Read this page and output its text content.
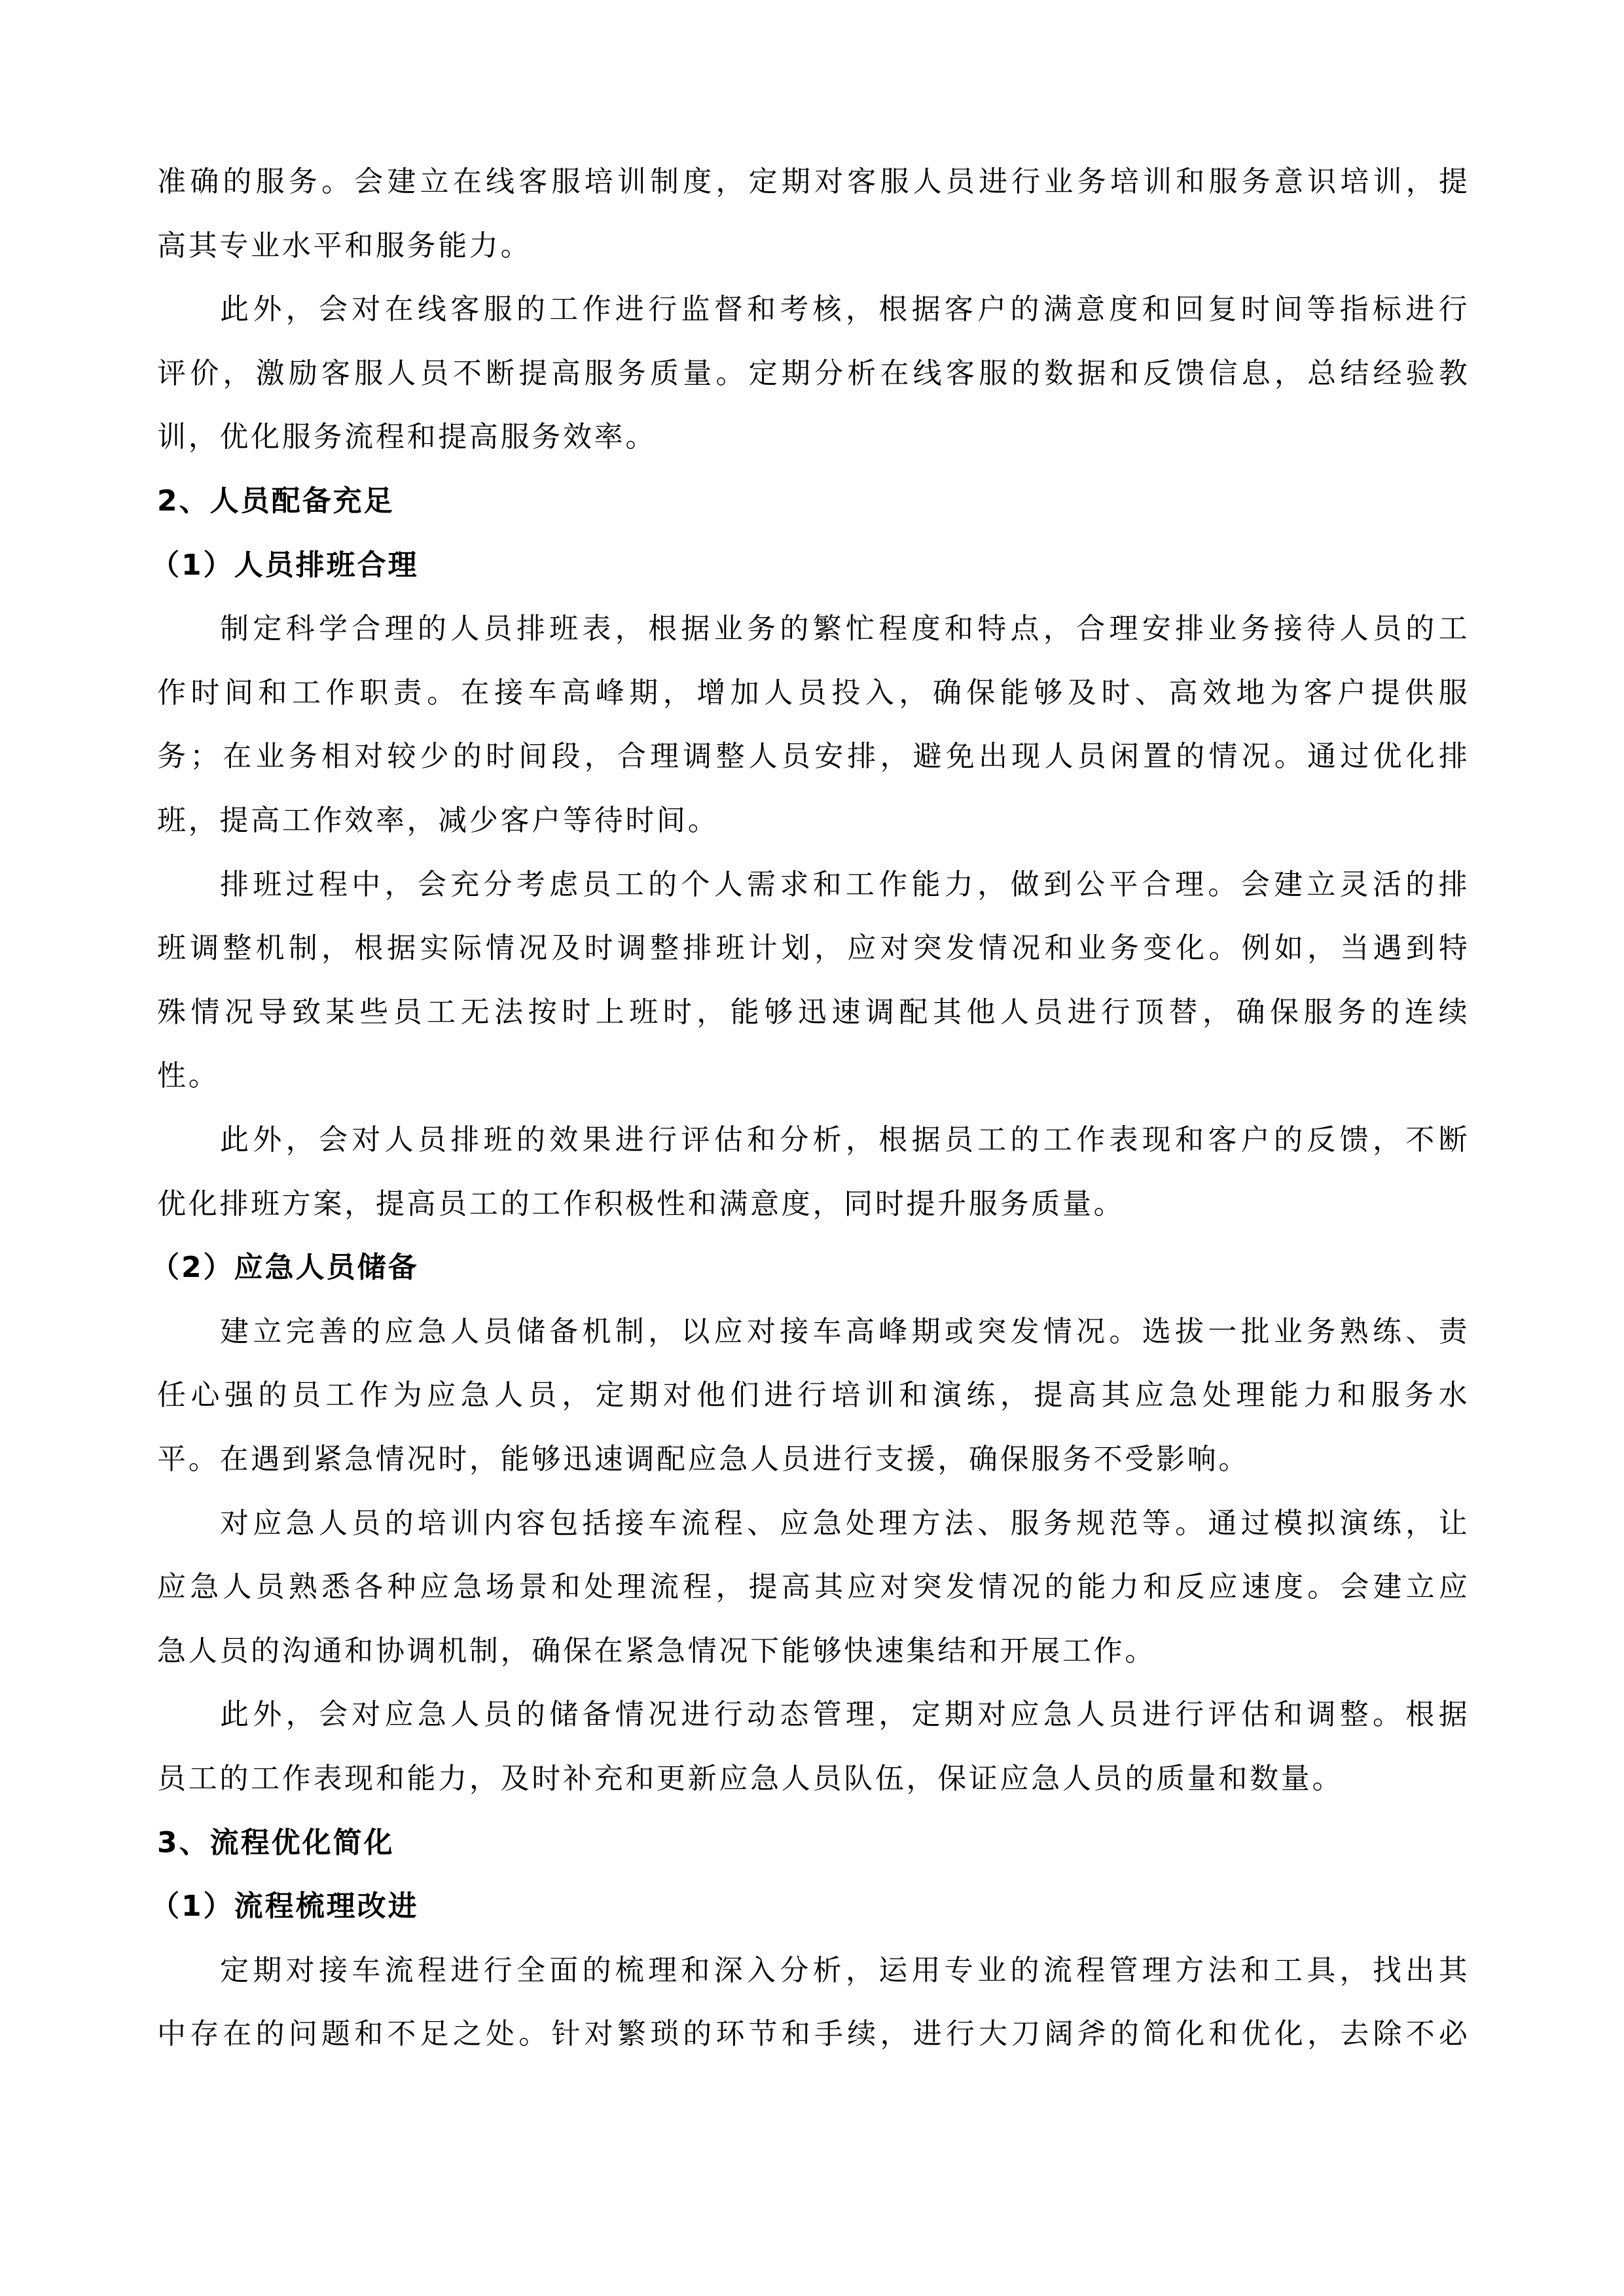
准 确 的 服 务 。 会 建 立 在 线 客 服 培 训 制 度 ， 定 期 对 客 服 人 员 进 行 业 务 培 训 和 服 务 意 识 培 训 ， 提
高 其 专 业 水 平 和 服 务 能 力 。
此 外 ， 会 对 在 线 客 服 的 工 作 进 行 监 督 和 考 核 ， 根 据 客 户 的 满 意 度 和 回 复 时 间 等 指 标 进 行
评 价 ， 激 励 客 服 人 员 不 断 提 高 服 务 质 量 。 定 期 分 析 在 线 客 服 的 数 据 和 反 馈 信 息 ， 总 结 经 验 教
训 ， 优 化 服 务 流 程 和 提 高 服 务 效 率 。
2 、 人 员 配 备 充 足
（ 1 ） 人 员 排 班 合 理
制 定 科 学 合 理 的 人 员 排 班 表 ， 根 据 业 务 的 繁 忙 程 度 和 特 点 ， 合 理 安 排 业 务 接 待 人 员 的 工
作 时 间 和 工 作 职 责 。 在 接 车 高 峰 期 ， 增 加 人 员 投 入 ， 确 保 能 够 及 时 、 高 效 地 为 客 户 提 供 服
务 ； 在 业 务 相 对 较 少 的 时 间 段 ， 合 理 调 整 人 员 安 排 ， 避 免 出 现 人 员 闲 置 的 情 况 。 通 过 优 化 排
班 ， 提 高 工 作 效 率 ， 减 少 客 户 等 待 时 间 。
排 班 过 程 中 ， 会 充 分 考 虑 员 工 的 个 人 需 求 和 工 作 能 力 ， 做 到 公 平 合 理 。 会 建 立 灵 活 的 排
班 调 整 机 制 ， 根 据 实 际 情 况 及 时 调 整 排 班 计 划 ， 应 对 突 发 情 况 和 业 务 变 化 。 例 如 ， 当 遇 到 特
殊 情 况 导 致 某 些 员 工 无 法 按 时 上 班 时 ， 能 够 迅 速 调 配 其 他 人 员 进 行 顶 替 ， 确 保 服 务 的 连 续
性 。
此 外 ， 会 对 人 员 排 班 的 效 果 进 行 评 估 和 分 析 ， 根 据 员 工 的 工 作 表 现 和 客 户 的 反 馈 ， 不 断
优 化 排 班 方 案 ， 提 高 员 工 的 工 作 积 极 性 和 满 意 度 ， 同 时 提 升 服 务 质 量 。
（ 2 ） 应 急 人 员 储 备
建 立 完 善 的 应 急 人 员 储 备 机 制 ， 以 应 对 接 车 高 峰 期 或 突 发 情 况 。 选 拔 一 批 业 务 熟 练 、 责
任 心 强 的 员 工 作 为 应 急 人 员 ， 定 期 对 他 们 进 行 培 训 和 演 练 ， 提 高 其 应 急 处 理 能 力 和 服 务 水
平 。 在 遇 到 紧 急 情 况 时 ， 能 够 迅 速 调 配 应 急 人 员 进 行 支 援 ， 确 保 服 务 不 受 影 响 。
对 应 急 人 员 的 培 训 内 容 包 括 接 车 流 程 、 应 急 处 理 方 法 、 服 务 规 范 等 。 通 过 模 拟 演 练 ， 让
应 急 人 员 熟 悉 各 种 应 急 场 景 和 处 理 流 程 ， 提 高 其 应 对 突 发 情 况 的 能 力 和 反 应 速 度 。 会 建 立 应
急 人 员 的 沟 通 和 协 调 机 制 ， 确 保 在 紧 急 情 况 下 能 够 快 速 集 结 和 开 展 工 作 。
此 外 ， 会 对 应 急 人 员 的 储 备 情 况 进 行 动 态 管 理 ， 定 期 对 应 急 人 员 进 行 评 估 和 调 整 。 根 据
员 工 的 工 作 表 现 和 能 力 ， 及 时 补 充 和 更 新 应 急 人 员 队 伍 ， 保 证 应 急 人 员 的 质 量 和 数 量 。
3 、 流 程 优 化 简 化
（ 1 ） 流 程 梳 理 改 进
定 期 对 接 车 流 程 进 行 全 面 的 梳 理 和 深 入 分 析 ， 运 用 专 业 的 流 程 管 理 方 法 和 工 具 ， 找 出 其
中 存 在 的 问 题 和 不 足 之 处 。 针 对 繁 琐 的 环 节 和 手 续 ， 进 行 大 刀 阔 斧 的 简 化 和 优 化 ， 去 除 不 必
